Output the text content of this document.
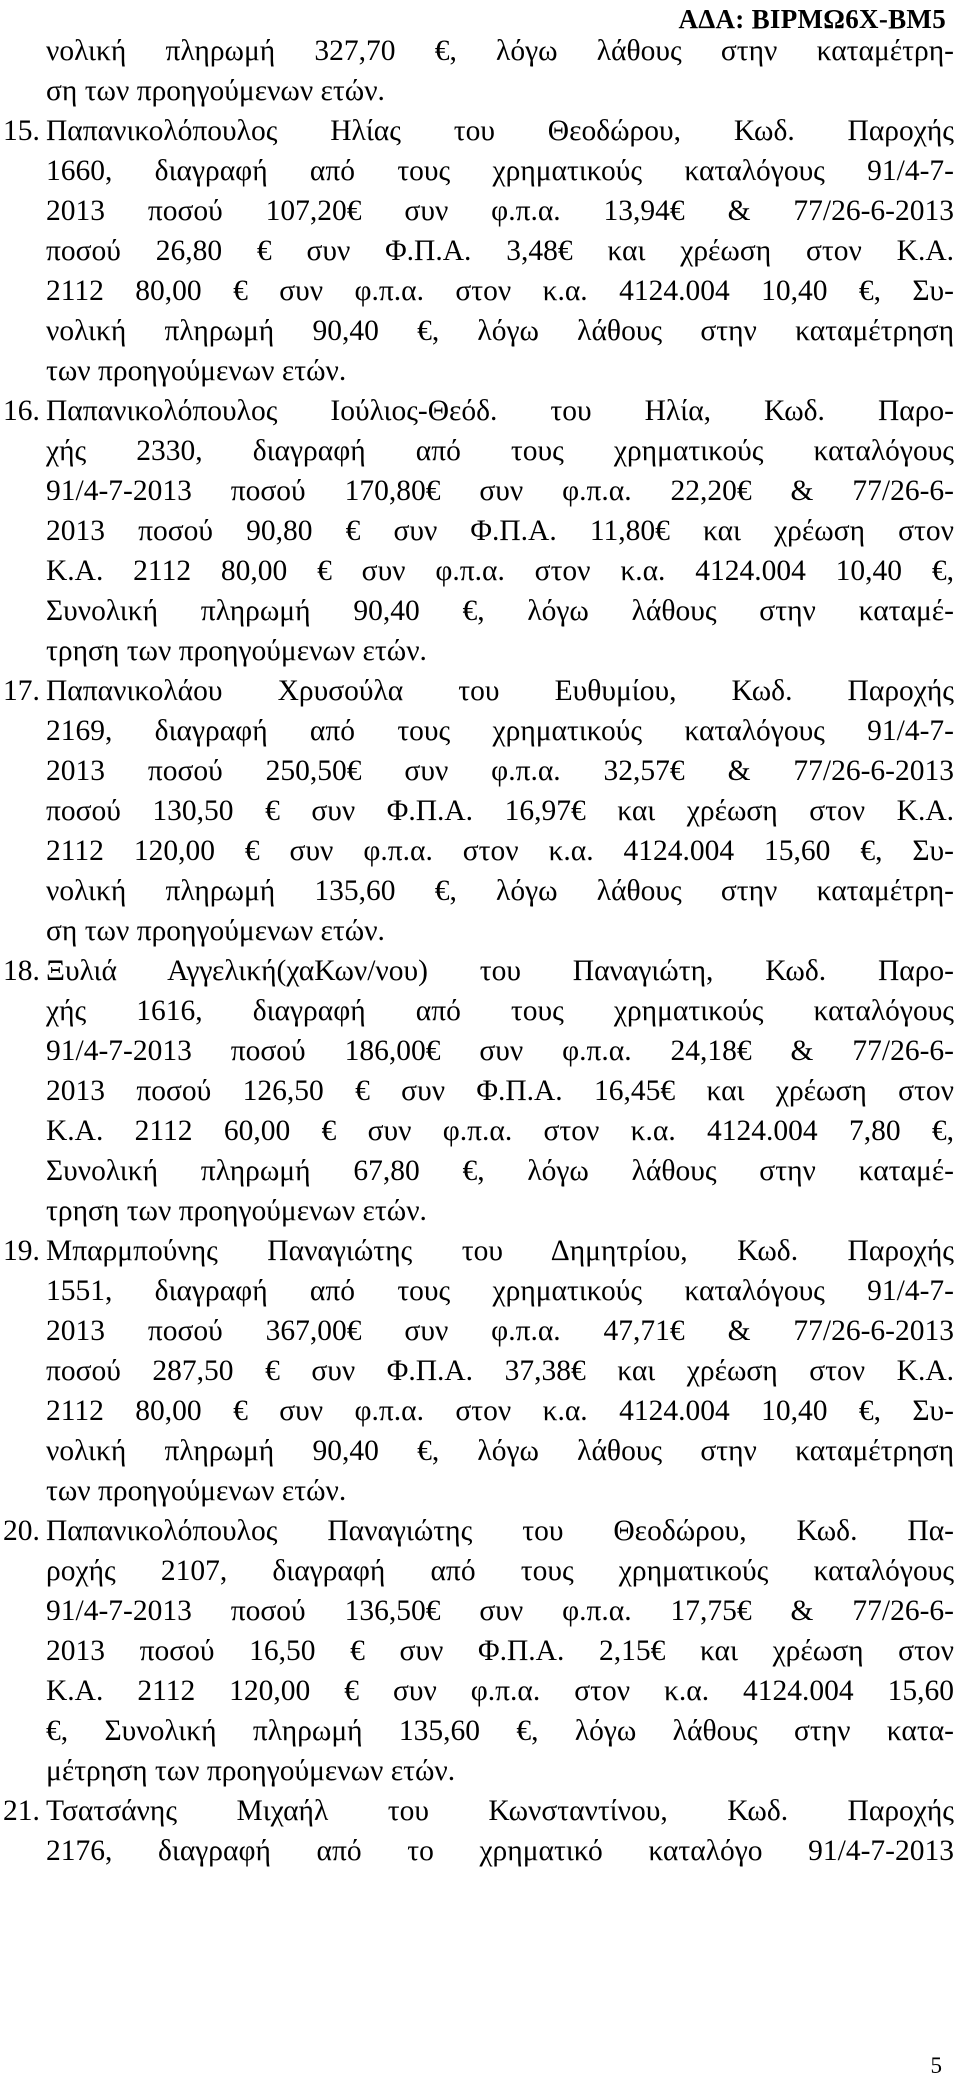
ΑΔΑ: ΒΙΡΜΩ6Χ-ΒΜ5
νολική πληρωμή 327,70 €, λόγω λάθους στην καταμέτρη-
ση των προηγούμενων ετών.
15. Παπανικολόπουλος Ηλίας του Θεοδώρου, Κωδ. Παροχής
1660, διαγραφή από τους χρηματικούς καταλόγους 91/4-7-
2013 ποσού 107,20€ συν φ.π.α. 13,94€ & 77/26-6-2013
ποσού 26,80 € συν Φ.Π.Α. 3,48€ και χρέωση στον Κ.Α.
2112 80,00 € συν φ.π.α. στον κ.α. 4124.004 10,40 €, Συ-
νολική πληρωμή 90,40 €, λόγω λάθους στην καταμέτρηση
των προηγούμενων ετών.
16. Παπανικολόπουλος Ιούλιος-Θεόδ. του Ηλία, Κωδ. Παρο-
χής 2330, διαγραφή από τους χρηματικούς καταλόγους
91/4-7-2013 ποσού 170,80€ συν φ.π.α. 22,20€ & 77/26-6-
2013 ποσού 90,80 € συν Φ.Π.Α. 11,80€ και χρέωση στον
Κ.Α. 2112 80,00 € συν φ.π.α. στον κ.α. 4124.004 10,40 €,
Συνολική πληρωμή 90,40 €, λόγω λάθους στην καταμέ-
τρηση των προηγούμενων ετών.
17. Παπανικολάου Χρυσούλα του Ευθυμίου, Κωδ. Παροχής
2169, διαγραφή από τους χρηματικούς καταλόγους 91/4-7-
2013 ποσού 250,50€ συν φ.π.α. 32,57€ & 77/26-6-2013
ποσού 130,50 € συν Φ.Π.Α. 16,97€ και χρέωση στον Κ.Α.
2112 120,00 € συν φ.π.α. στον κ.α. 4124.004 15,60 €, Συ-
νολική πληρωμή 135,60 €, λόγω λάθους στην καταμέτρη-
ση των προηγούμενων ετών.
18. Ξυλιά Αγγελική(χαΚων/νου) του Παναγιώτη, Κωδ. Παρο-
χής 1616, διαγραφή από τους χρηματικούς καταλόγους
91/4-7-2013 ποσού 186,00€ συν φ.π.α. 24,18€ & 77/26-6-
2013 ποσού 126,50 € συν Φ.Π.Α. 16,45€ και χρέωση στον
Κ.Α. 2112 60,00 € συν φ.π.α. στον κ.α. 4124.004 7,80 €,
Συνολική πληρωμή 67,80 €, λόγω λάθους στην καταμέ-
τρηση των προηγούμενων ετών.
19. Μπαρμπούνης Παναγιώτης του Δημητρίου, Κωδ. Παροχής
1551, διαγραφή από τους χρηματικούς καταλόγους 91/4-7-
2013 ποσού 367,00€ συν φ.π.α. 47,71€ & 77/26-6-2013
ποσού 287,50 € συν Φ.Π.Α. 37,38€ και χρέωση στον Κ.Α.
2112 80,00 € συν φ.π.α. στον κ.α. 4124.004 10,40 €, Συ-
νολική πληρωμή 90,40 €, λόγω λάθους στην καταμέτρηση
των προηγούμενων ετών.
20. Παπανικολόπουλος Παναγιώτης του Θεοδώρου, Κωδ. Πα-
ροχής 2107, διαγραφή από τους χρηματικούς καταλόγους
91/4-7-2013 ποσού 136,50€ συν φ.π.α. 17,75€ & 77/26-6-
2013 ποσού 16,50 € συν Φ.Π.Α. 2,15€ και χρέωση στον
Κ.Α. 2112 120,00 € συν φ.π.α. στον κ.α. 4124.004 15,60
€, Συνολική πληρωμή 135,60 €, λόγω λάθους στην κατα-
μέτρηση των προηγούμενων ετών.
21. Τσατσάνης Μιχαήλ του Κωνσταντίνου, Κωδ. Παροχής
2176, διαγραφή από το χρηματικό καταλόγο 91/4-7-2013
5
